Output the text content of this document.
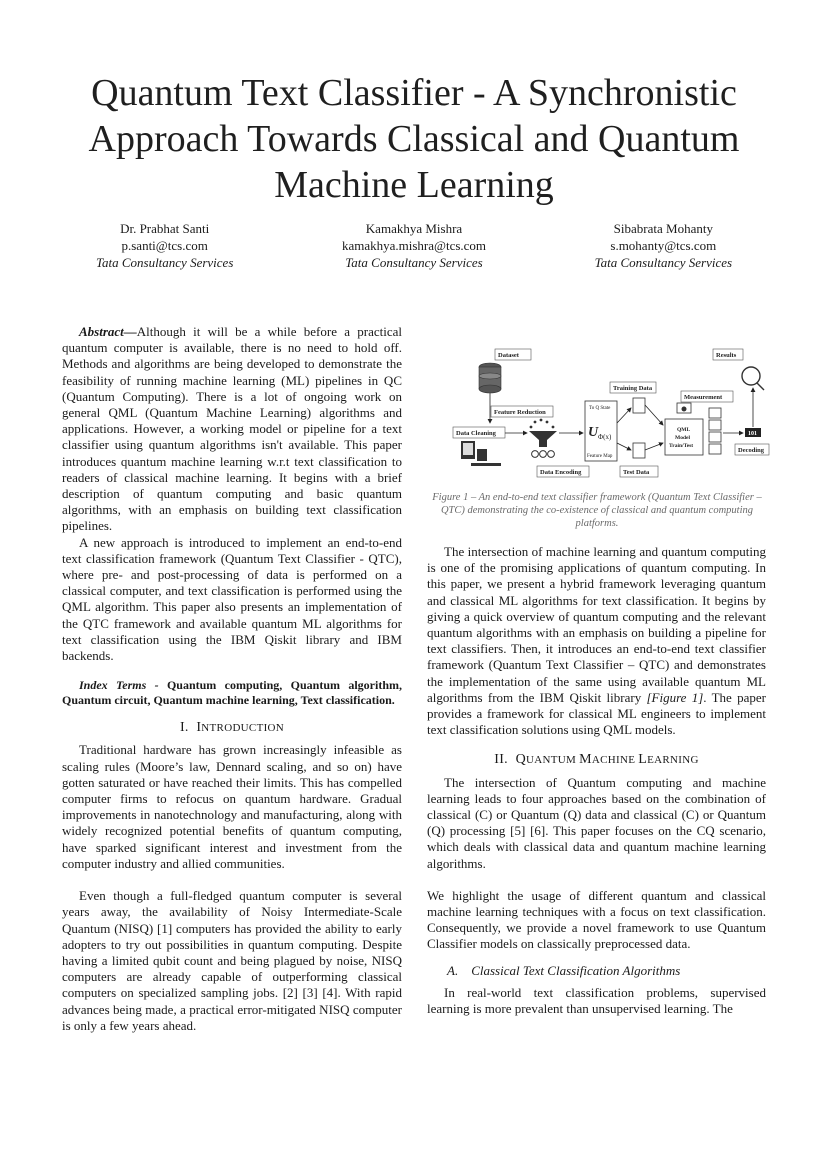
Quantum Text Classifier - A Synchronistic
Approach Towards Classical and Quantum
Machine Learning
Dr. Prabhat Santi
p.santi@tcs.com
Tata Consultancy Services
Kamakhya Mishra
kamakhya.mishra@tcs.com
Tata Consultancy Services
Sibabrata Mohanty
s.mohanty@tcs.com
Tata Consultancy Services

Abstract—Although it will be a while before a practical quantum computer is available, there is no need to hold off. Methods and algorithms are being developed to demonstrate the feasibility of running machine learning (ML) pipelines in QC (Quantum Computing). There is a lot of ongoing work on general QML (Quantum Machine Learning) algorithms and applications. However, a working model or pipeline for a text classifier using quantum algorithms isn't available. This paper introduces quantum machine learning w.r.t text classification to readers of classical machine learning. It begins with a brief description of quantum computing and basic quantum algorithms, with an emphasis on building text classification pipelines.

A new approach is introduced to implement an end-to-end text classification framework (Quantum Text Classifier - QTC), where pre- and post-processing of data is performed on a classical computer, and text classification is performed using the QML algorithm. This paper also presents an implementation of the QTC framework and available quantum ML algorithms for text classification using the IBM Qiskit library and IBM backends.

Index Terms - Quantum computing, Quantum algorithm, Quantum circuit, Quantum machine learning, Text classification.

I. INTRODUCTION

Traditional hardware has grown increasingly infeasible as scaling rules (Moore’s law, Dennard scaling, and so on) have gotten saturated or have reached their limits. This has compelled computer firms to refocus on quantum hardware. Gradual improvements in nanotechnology and manufacturing, along with widely recognized potential benefits of quantum computing, have sparked significant interest and investment from the computer industry and allied communities.

Even though a full-fledged quantum computer is several years away, the availability of Noisy Intermediate-Scale Quantum (NISQ) [1] computers has provided the ability to early adopters to try out possibilities in quantum computing. Despite having a limited qubit count and being plagued by noise, NISQ computers are already capable of outperforming classical computers on specialized sampling jobs. [2] [3] [4]. With rapid advances being made, a practical error-mitigated NISQ computer is only a few years ahead.

Dataset	Results
Training Data
Measurement
Feature Reduction
Data Cleaning
Data Encoding	Test Data
Decoding
To Q State
Feature Map
U Φ(x)
QML
Model
Train/Test
101
Figure 1 – An end-to-end text classifier framework (Quantum Text Classifier – QTC) demonstrating the co-existence of classical and quantum computing platforms.

The intersection of machine learning and quantum computing is one of the promising applications of quantum computing. In this paper, we present a hybrid framework leveraging quantum and classical ML algorithms for text classification. It begins by giving a quick overview of quantum computing and the relevant quantum algorithms with an emphasis on building a pipeline for text classifiers. Then, it introduces an end-to-end text classifier framework (Quantum Text Classifier – QTC) and demonstrates the implementation of the same using available quantum ML algorithms from the IBM Qiskit library [Figure 1]. The paper provides a framework for classical ML engineers to implement text classification solutions using QML models.

II. QUANTUM MACHINE LEARNING

The intersection of Quantum computing and machine learning leads to four approaches based on the combination of classical (C) or Quantum (Q) data and classical (C) or Quantum (Q) processing [5] [6]. This paper focuses on the CQ scenario, which deals with classical data and quantum machine learning algorithms.

We highlight the usage of different quantum and classical machine learning techniques with a focus on text classification. Consequently, we provide a novel framework to use Quantum Classifier models on classically preprocessed data.

A. Classical Text Classification Algorithms

In real-world text classification problems, supervised learning is more prevalent than unsupervised learning. The
